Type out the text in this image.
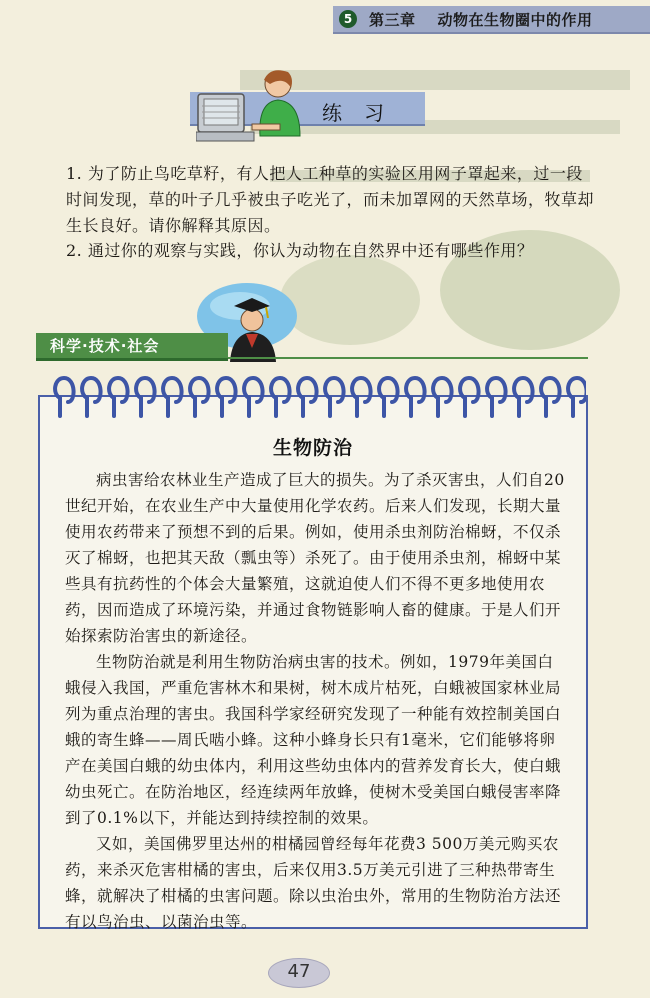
5	第三章 动物在生物圈中的作用
练习
1. 为了防止鸟吃草籽，有人把人工种草的实验区用网子罩起来，过一段时间发现，草的叶子几乎被虫子吃光了，而未加罩网的天然草场，牧草却生长良好。请你解释其原因。
2. 通过你的观察与实践，你认为动物在自然界中还有哪些作用？
科学·技术·社会
生物防治
病虫害给农林业生产造成了巨大的损失。为了杀灭害虫，人们自20世纪开始，在农业生产中大量使用化学农药。后来人们发现，长期大量使用农药带来了预想不到的后果。例如，使用杀虫剂防治棉蚜，不仅杀灭了棉蚜，也把其天敌（瓢虫等）杀死了。由于使用杀虫剂，棉蚜中某些具有抗药性的个体会大量繁殖，这就迫使人们不得不更多地使用农药，因而造成了环境污染，并通过食物链影响人畜的健康。于是人们开始探索防治害虫的新途径。
生物防治就是利用生物防治病虫害的技术。例如，1979年美国白蛾侵入我国，严重危害林木和果树，树木成片枯死，白蛾被国家林业局列为重点治理的害虫。我国科学家经研究发现了一种能有效控制美国白蛾的寄生蜂——周氏啮小蜂。这种小蜂身长只有1毫米，它们能够将卵产在美国白蛾的幼虫体内，利用这些幼虫体内的营养发育长大，使白蛾幼虫死亡。在防治地区，经连续两年放蜂，使树木受美国白蛾侵害率降到了0.1%以下，并能达到持续控制的效果。
又如，美国佛罗里达州的柑橘园曾经每年花费3 500万美元购买农药，来杀灭危害柑橘的害虫，后来仅用3.5万美元引进了三种热带寄生蜂，就解决了柑橘的虫害问题。除以虫治虫外，常用的生物防治方法还有以鸟治虫、以菌治虫等。
47
